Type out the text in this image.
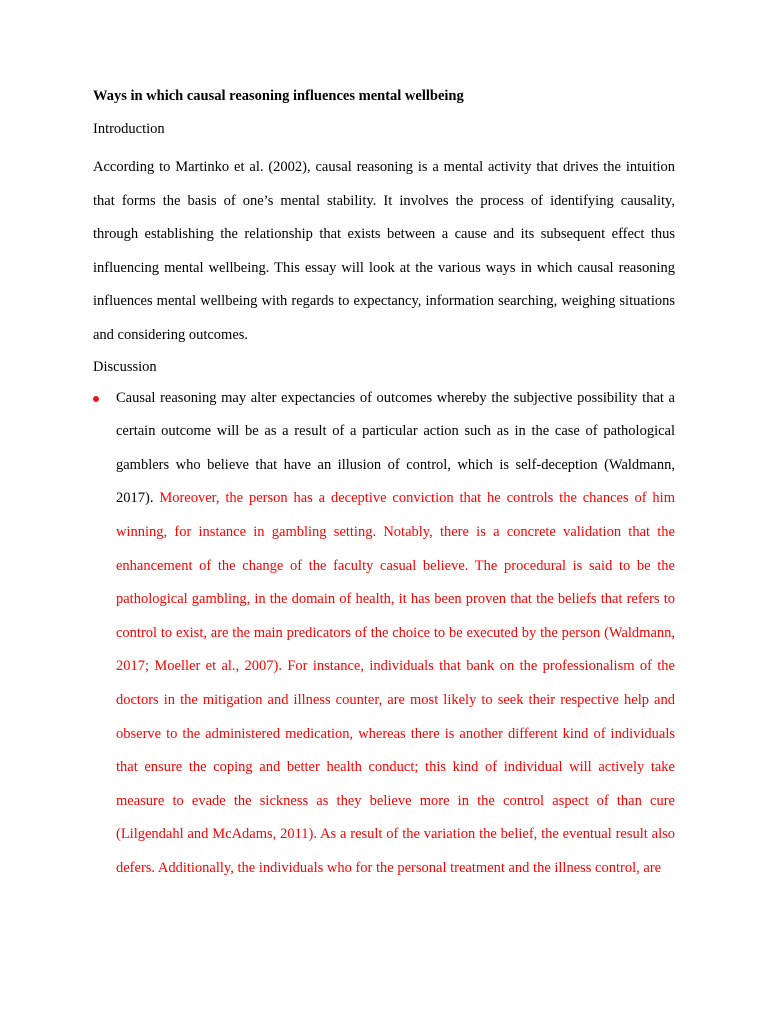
Ways in which causal reasoning influences mental wellbeing

Introduction

According to Martinko et al. (2002), causal reasoning is a mental activity that drives the intuition that forms the basis of one’s mental stability. It involves the process of identifying causality, through establishing the relationship that exists between a cause and its subsequent effect thus influencing mental wellbeing. This essay will look at the various ways in which causal reasoning influences mental wellbeing with regards to expectancy, information searching, weighing situations and considering outcomes.

Discussion

Causal reasoning may alter expectancies of outcomes whereby the subjective possibility that a certain outcome will be as a result of a particular action such as in the case of pathological gamblers who believe that have an illusion of control, which is self-deception (Waldmann, 2017). Moreover, the person has a deceptive conviction that he controls the chances of him winning, for instance in gambling setting. Notably, there is a concrete validation that the enhancement of the change of the faculty casual believe. The procedural is said to be the pathological gambling, in the domain of health, it has been proven that the beliefs that refers to control to exist, are the main predicators of the choice to be executed by the person (Waldmann, 2017; Moeller et al., 2007). For instance, individuals that bank on the professionalism of the doctors in the mitigation and illness counter, are most likely to seek their respective help and observe to the administered medication, whereas there is another different kind of individuals that ensure the coping and better health conduct; this kind of individual will actively take measure to evade the sickness as they believe more in the control aspect of than cure (Lilgendahl and McAdams, 2011). As a result of the variation the belief, the eventual result also defers. Additionally, the individuals who for the personal treatment and the illness control, are
